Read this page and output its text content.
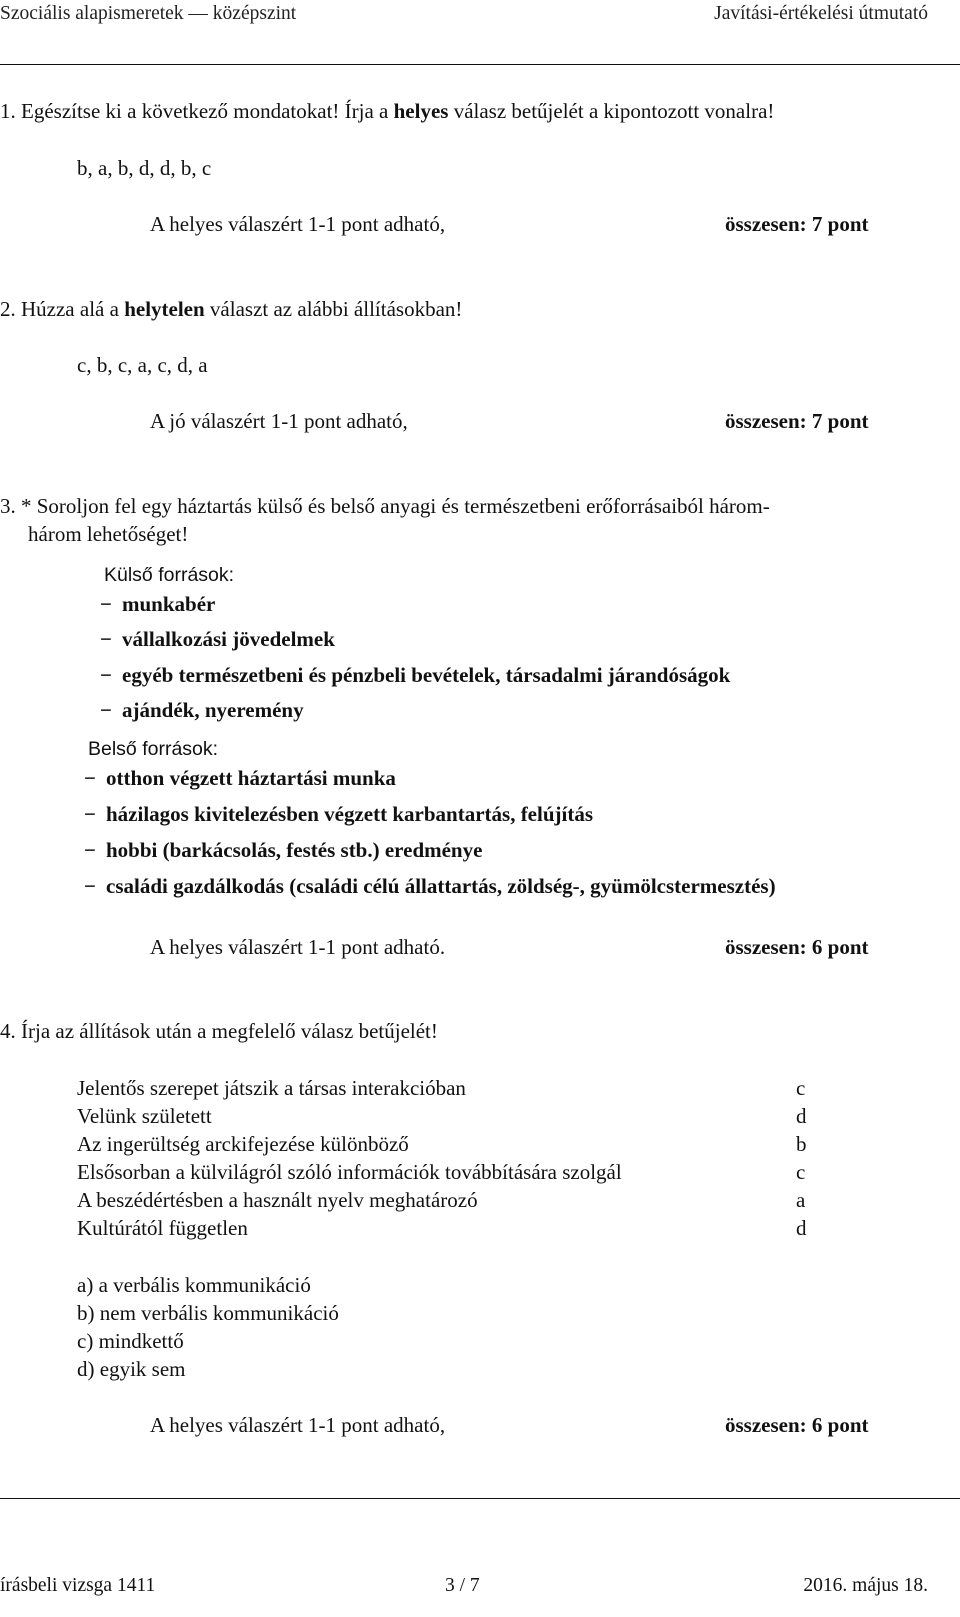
Szociális alapismeretek — középszint	Javítási-értékelési útmutató
1. Egészítse ki a következő mondatokat! Írja a helyes válasz betűjelét a kipontozott vonalra!
b, a, b, d, d, b, c
A helyes válaszért 1-1 pont adható,	összesen: 7 pont
2. Húzza alá a helytelen választ az alábbi állításokban!
c, b, c, a, c, d, a
A jó válaszért 1-1 pont adható,	összesen: 7 pont
3. * Soroljon fel egy háztartás külső és belső anyagi és természetbeni erőforrásaiból három-
három lehetőséget!
Külső források:
− munkabér
− vállalkozási jövedelmek
− egyéb természetbeni és pénzbeli bevételek, társadalmi járandóságok
− ajándék, nyeremény
Belső források:
− otthon végzett háztartási munka
− házilagos kivitelezésben végzett karbantartás, felújítás
− hobbi (barkácsolás, festés stb.) eredménye
− családi gazdálkodás (családi célú állattartás, zöldség-, gyümölcstermesztés)
A helyes válaszért 1-1 pont adható.	összesen: 6 pont
4. Írja az állítások után a megfelelő válasz betűjelét!
Jelentős szerepet játszik a társas interakcióban	c
Velünk született	d
Az ingerültség arckifejezése különböző	b
Elsősorban a külvilágról szóló információk továbbítására szolgál	c
A beszédértésben a használt nyelv meghatározó	a
Kultúrától független	d
a) a verbális kommunikáció
b) nem verbális kommunikáció
c) mindkettő
d) egyik sem
A helyes válaszért 1-1 pont adható,	összesen: 6 pont
írásbeli vizsga 1411	3 / 7	2016. május 18.
